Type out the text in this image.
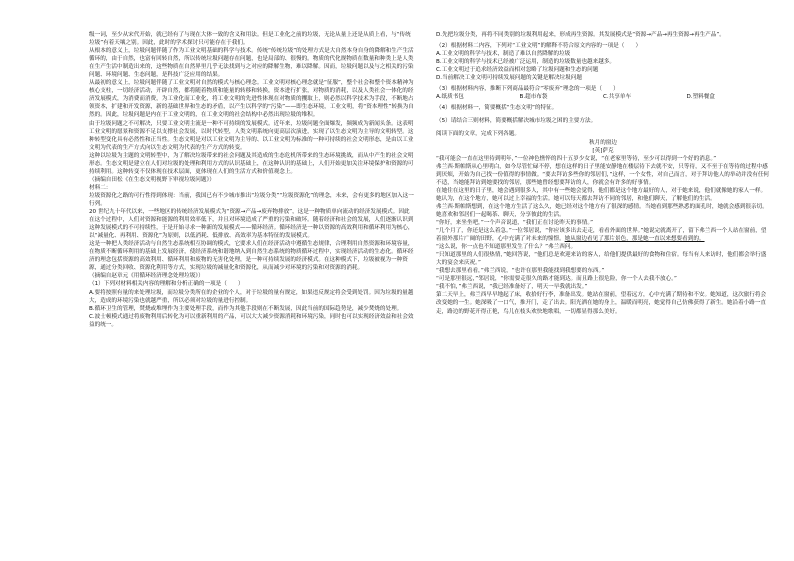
级一词，至少从宋代开始，就已经有了与现在大体一致的含义和用法。但是工业化之前的垃圾，无论从量上还是从质上看，与“传统垃圾”有着天壤之别。因此，此时的学术探讨只可能存在于我们。

从根本的意义上，垃圾问题伴随了作为工业文明基础的科学与技术。传统“传统垃圾”的处理方式是大自然本身自身的降解和生产生活循环的，由于自然，也富有回转自然，所以传统垃圾问题存在问题，也是局部的、很慢的。物质的代化规物质在数量和种类上是人类在生产生活中制造出来的，这些物质在自然界里几乎无法找到与之对应的降解生物，难以降解。因而，垃圾问题以及与之相关的污染问题、环境问题、生态问题，是科技广泛应用的结果。

从最初的意义上，垃圾问题伴随了工业文明对自然的模式与核心理念。工业文明对核心理念就是“征服”，整个社会和整个资本精神为核心支柱，一切经济活动，开辟自然，都将随着物质和能量的转移和转换，资本进行扩张，对物质的消耗，以及人类社会一体化的经济发展模式，为消费而消费，为工业化而工业化，将工业文明的先进性体现在对物质的攫取上，则必然以科学技术为手段，不断地占领资本，扩建和开发资源，新的基础世界和生态的矛盾，以产生以科学的“污染”——即生态环境，工业文明，将“资本理性”转换为自然的。因此，垃圾问题是内在于工业文明的，在工业文明的社会结构中必然出现垃圾的堆积。

由于垃圾问题之不可解决，只要工业文明主流是一种不可持续的发展模式。近年来，垃圾问题全面爆发，频频成为新闻头条。这表明工业文明的愿景和资源不足以支撑社会发展，以时代转型，人类文明系统向更高层次演进，实现了以生态文明为主导的文明转型。这种转型变化具有必然性和正当性。生态文明是对以工业文明为主导的、以工业文明为标准的一种可持续的社会文明形态，是由以工业文明为代表的生产方式向以生态文明为代表的生产方式的转变。

这种以垃圾为主题的文明转型中，为了解决垃圾带来的社会问题及其造成的生态危机所带来的生态环境挑战，而从中产生的社会文明形态。生态文明是建立在人们对垃圾的处理和利用方式的认识基础上，在这种认识的基础上，人们开始更加关注环境保护和资源的可持续利用。这种转变不仅体现在技术层面，更体现在人们的生活方式和价值观念上。

（摘编自田松《在生态文明视野下审视垃圾问题》）

材料二：

垃圾资源化之路的可行性得到体现：当前，我国已有不少城市推出“垃圾分类”“垃圾资源化”的理念，未来，会有更多的地区加入这一行列。

20 世纪九十年代以来，一些地区的传统经济发展模式为“资源→产品→废弃物排放”，这是一种物质单向流动的经济发展模式。因此在这个过程中，人们对资源和能源的利用效率低下，并且对环境造成了严重的污染和破坏。随着经济和社会的发展，人们逐渐认识到这种发展模式的不可持续性，于是开始寻求一种新的发展模式——循环经济。循环经济是一种以资源的高效利用和循环利用为核心，以“减量化、再利用、资源化”为原则，以低消耗、低排放、高效率为基本特征的发展模式。

这是一种把人类经济活动与自然生态系统相互协调的模式，它要求人们在经济活动中遵循生态规律，合理利用自然资源和环境容量，在物质不断循环利用的基础上发展经济，使经济系统和谐地纳入到自然生态系统的物质循环过程中，实现经济活动的生态化。循环经济的理念包括资源的高效利用、循环利用和废物的无害化处理，是一种可持续发展的经济模式。在这种模式下，垃圾被视为一种资源，通过分类回收、资源化利用等方式，实现垃圾的减量化和资源化，从而减少对环境的污染和对资源的消耗。

（摘编自赵章元《用循环经济理念处理垃圾》）

（1）下列对材料相关内容的理解和分析正确的一项是（　　）

A.要将按照有量的来处理垃圾，而垃圾分类所在的企业的个人，对于垃圾的量有规定，如果违反规定将会受到处罚。因为垃圾的量越大，造成的环境污染也就越严重，所以必须对垃圾的量进行控制。

B.循环卫生的管理，焚烧或堆埋作为主要处理手段，而作为其他手段则在不断发展，因此当前的国际趋势是，减少焚烧的处理。

C.波士顿模式通过将废物利用后转化为可以重新利用的产品，可以大大减少资源消耗和环境污染，同时也可以实现经济效益和社会效益的统一。

D.先把垃圾分类，再将不同类别的垃圾利用起来，形成再生资源。其发展模式是“资源→产品→再生资源→再生产品”。

（2）根据材料二内容，下列对“工业文明”的解释不符合原文内容的一项是（　　）

A.工业文明的科学与技术，制造了难以自然降解的垃圾

B.工业文明的科学与技术已经被广泛运用，制造的垃圾数量也越来越多。

C.工业文明过于追求经济效益而相对忽略了垃圾问题和生态的问题

D.当前解决工业文明可持续发展问题的关键是解决垃圾问题

（3）根据材料内容，推断下列商品最符合“零废弃”理念的一项是（　　）

A.纸质书包	B.超市布袋	C.共享单车	D.塑料餐盒

（4）根据材料一，简要概括“生态文明”的特征。

（5）请结合三则材料，简要概括解决城市垃圾之困的主要方法。

阅读下面的文章，完成下列各题。

秋月的窗边

[英]萨克

“我可能会一直在这里待到明年，”一位神色憔悴的四十五岁少女说，“在老家里等待，至少可以得到一个好的消息。”

弗兰西·斯帕斯从心里明白，如今尽管忙碌不停，想在这样的日子里能安静地在楼层待下去就不安，只等待，又不至于在等待的过程中感到厌烦，开始为自己找一份值得的事情做。“要去拜访多些你的邻居们，”这样，一个女性，对自己而言，对于拜访他人的举动并没有任何不适，当她能拜访到她要找的邻居，那些她曾经想要拜访的人，你就会有许多的好事情。

在她住在这里的日子里，她会遇到很多人，其中有一些她会觉得，他们都是这个地方最好的人，对于她来说，他们就像她的家人一样。她认为，在这个地方，她可以过上幸福的生活。她可以每天都去拜访不同的邻居，和他们聊天，了解他们的生活。

弗兰西·斯帕斯想到，在这个地方生活了这么久，她已经对这个地方有了很深的感情。当她看到那些熟悉的面孔时，她就会感到很亲切。她喜欢和邻居们一起喝茶、聊天，分享彼此的生活。

“你好，来坐坐吧，”一个声音说道，“我们正在讨论昨天的事情。”

“几个月了，你还是这么着急。”一位邻居说，“你应该多出去走走，看看外面的世界。”她说完就离开了，留下弗兰西一个人站在窗前，望着窗外那片广阔的田野，心中充满了对未来的憧憬。她从窗边看见了那片景色，那是她一直以来想要看到的。

“这么说，你一点也不知道那里发生了什么？”弗兰西问。

“只知道那里的人们很热情，”她回答说，“他们总是欢迎来访的客人，给他们提供最好的食物和住宿。每当有人来访时，他们都会举行盛大的宴会来庆祝。”

“我想去那里看看，”弗兰西说，“也许在那里我能找到我想要的东西。”

“可是那里很远，”邻居说，“你需要走很久的路才能到达。而且路上很危险，你一个人去我不放心。”

“我不怕，”弗兰西说，“我已经准备好了，明天一早我就出发。”

第二天早上，弗兰西早早地起了床，收拾好行李，准备出发。她站在窗前，望着远方，心中充满了期待和不安。她知道，这次旅行将会改变她的一生。她深吸了一口气，推开门，走了出去。阳光洒在她的身上，温暖而明亮，她觉得自己仿佛获得了新生。她沿着小路一直走，路边的野花开得正艳，鸟儿在枝头欢快地歌唱，一切都显得那么美好。
